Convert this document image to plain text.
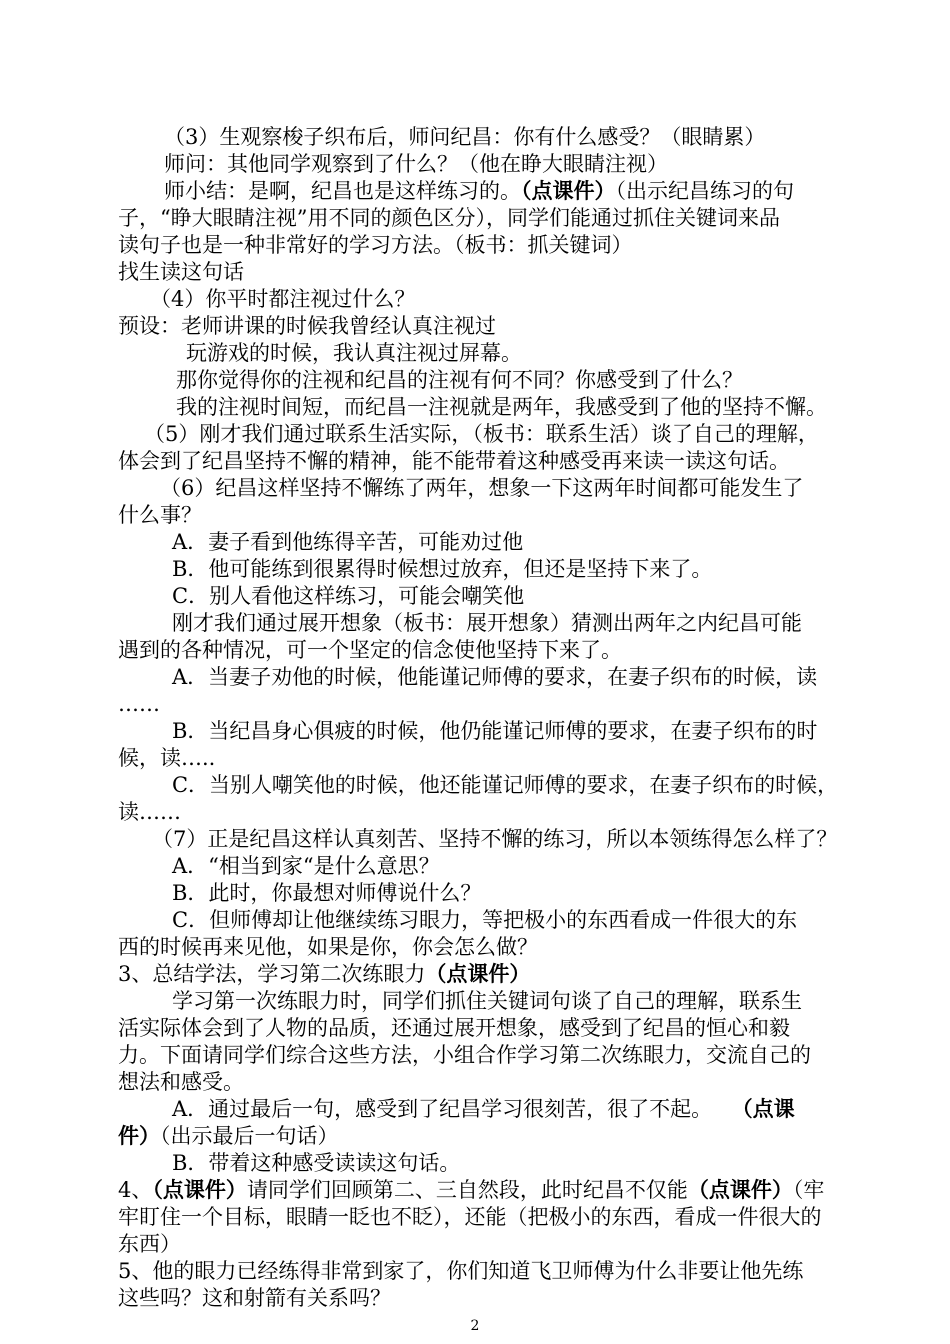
（3）生观察梭子织布后，师问纪昌：你有什么感受？（眼睛累）
师问：其他同学观察到了什么？（他在睁大眼睛注视）
师小结：是啊，纪昌也是这样练习的。（点课件）（出示纪昌练习的句
子，“睁大眼睛注视”用不同的颜色区分），同学们能通过抓住关键词来品
读句子也是一种非常好的学习方法。（板书：抓关键词）
找生读这句话
（4）你平时都注视过什么？
预设：老师讲课的时候我曾经认真注视过
玩游戏的时候，我认真注视过屏幕。
那你觉得你的注视和纪昌的注视有何不同？你感受到了什么？
我的注视时间短，而纪昌一注视就是两年，我感受到了他的坚持不懈。
（5）刚才我们通过联系生活实际，（板书：联系生活）谈了自己的理解，
体会到了纪昌坚持不懈的精神，能不能带着这种感受再来读一读这句话。
（6）纪昌这样坚持不懈练了两年，想象一下这两年时间都可能发生了
什么事？
A．妻子看到他练得辛苦，可能劝过他
B．他可能练到很累得时候想过放弃，但还是坚持下来了。
C．别人看他这样练习，可能会嘲笑他
刚才我们通过展开想象（板书：展开想象）猜测出两年之内纪昌可能
遇到的各种情况，可一个坚定的信念使他坚持下来了。
A．当妻子劝他的时候，他能谨记师傅的要求，在妻子织布的时候，读
……
B．当纪昌身心俱疲的时候，他仍能谨记师傅的要求，在妻子织布的时
候，读…..
C．当别人嘲笑他的时候，他还能谨记师傅的要求，在妻子织布的时候，
读……
（7）正是纪昌这样认真刻苦、坚持不懈的练习，所以本领练得怎么样了？
A．“相当到家“是什么意思？
B．此时，你最想对师傅说什么？
C．但师傅却让他继续练习眼力，等把极小的东西看成一件很大的东
西的时候再来见他，如果是你，你会怎么做？
3、总结学法，学习第二次练眼力（点课件）
学习第一次练眼力时，同学们抓住关键词句谈了自己的理解，联系生
活实际体会到了人物的品质，还通过展开想象，感受到了纪昌的恒心和毅
力。下面请同学们综合这些方法，小组合作学习第二次练眼力，交流自己的
想法和感受。
A．通过最后一句，感受到了纪昌学习很刻苦，很了不起。 （点课
件）（出示最后一句话）
B．带着这种感受读读这句话。
4、（点课件）请同学们回顾第二、三自然段，此时纪昌不仅能（点课件）（牢
牢盯住一个目标，眼睛一眨也不眨），还能（把极小的东西，看成一件很大的
东西）
5、他的眼力已经练得非常到家了，你们知道飞卫师傅为什么非要让他先练
这些吗？这和射箭有关系吗？
2
